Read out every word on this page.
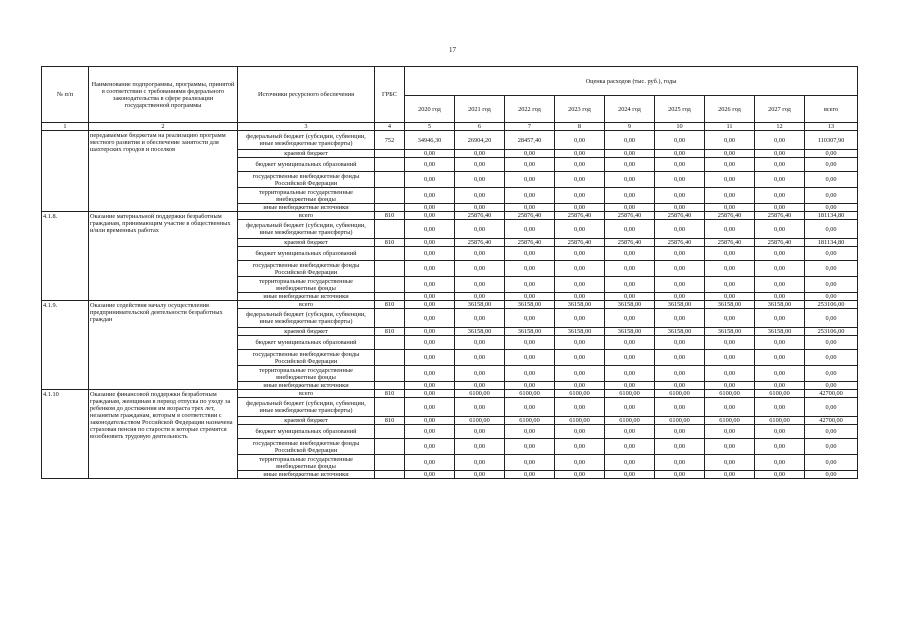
17
№ п/п	Наименование подпрограммы, программы, принятой в соответствии с требованиями федерального законодательства в сфере реализации государственной программы	Источники ресурсного обеспечения	ГРБС	Оценка расходов (тыс. руб.), годы								
				2020 год	2021 год	2022 год	2023 год	2024 год	2025 год	2026 год	2027 год	всего
1	2	3	4	5	6	7	8	9	10	11	12	13
	передаваемые бюджетам на реализацию программ местного развития и обеспечение занятости для шахтерских городов и поселков	федеральный бюджет (субсидии, субвенции, иные межбюджетные трансферты)	752	34946,30	26904,20	28457,40	0,00	0,00	0,00	0,00	0,00	110307,90
		краевой бюджет		0,00	0,00	0,00	0,00	0,00	0,00	0,00	0,00	0,00
		бюджет муниципальных образований		0,00	0,00	0,00	0,00	0,00	0,00	0,00	0,00	0,00
		государственные внебюджетные фонды Российской Федерации		0,00	0,00	0,00	0,00	0,00	0,00	0,00	0,00	0,00
		территориальные государственные внебюджетные фонды		0,00	0,00	0,00	0,00	0,00	0,00	0,00	0,00	0,00
		иные внебюджетные источники		0,00	0,00	0,00	0,00	0,00	0,00	0,00	0,00	0,00
4.1.8.	Оказание материальной поддержки безработным гражданам, принимающим участие в общественных и/или временных работах	всего	810	0,00	25876,40	25876,40	25876,40	25876,40	25876,40	25876,40	25876,40	181134,80
		федеральный бюджет (субсидии, субвенции, иные межбюджетные трансферты)		0,00	0,00	0,00	0,00	0,00	0,00	0,00	0,00	0,00
		краевой бюджет	810	0,00	25876,40	25876,40	25876,40	25876,40	25876,40	25876,40	25876,40	181134,80
		бюджет муниципальных образований		0,00	0,00	0,00	0,00	0,00	0,00	0,00	0,00	0,00
		государственные внебюджетные фонды Российской Федерации		0,00	0,00	0,00	0,00	0,00	0,00	0,00	0,00	0,00
		территориальные государственные внебюджетные фонды		0,00	0,00	0,00	0,00	0,00	0,00	0,00	0,00	0,00
		иные внебюджетные источники		0,00	0,00	0,00	0,00	0,00	0,00	0,00	0,00	0,00
4.1.9.	Оказание содействия началу осуществления предпринимательской деятельности безработных граждан	всего	810	0,00	36158,00	36158,00	36158,00	36158,00	36158,00	36158,00	36158,00	253106,00
		федеральный бюджет (субсидии, субвенции, иные межбюджетные трансферты)		0,00	0,00	0,00	0,00	0,00	0,00	0,00	0,00	0,00
		краевой бюджет	810	0,00	36158,00	36158,00	36158,00	36158,00	36158,00	36158,00	36158,00	253106,00
		бюджет муниципальных образований		0,00	0,00	0,00	0,00	0,00	0,00	0,00	0,00	0,00
		государственные внебюджетные фонды Российской Федерации		0,00	0,00	0,00	0,00	0,00	0,00	0,00	0,00	0,00
		территориальные государственные внебюджетные фонды		0,00	0,00	0,00	0,00	0,00	0,00	0,00	0,00	0,00
		иные внебюджетные источники		0,00	0,00	0,00	0,00	0,00	0,00	0,00	0,00	0,00
4.1.10	Оказание финансовой поддержки безработным гражданам, женщинам в период отпуска по уходу за ребенком до достижения им возраста трех лет, незанятым гражданам, которым в соответствии с законодательством Российской Федерации назначена страховая пенсия по старости и которые стремятся возобновить трудовую деятельность	всего	810	0,00	6100,00	6100,00	6100,00	6100,00	6100,00	6100,00	6100,00	42700,00
		федеральный бюджет (субсидии, субвенции, иные межбюджетные трансферты)		0,00	0,00	0,00	0,00	0,00	0,00	0,00	0,00	0,00
		краевой бюджет	810	0,00	6100,00	6100,00	6100,00	6100,00	6100,00	6100,00	6100,00	42700,00
		бюджет муниципальных образований		0,00	0,00	0,00	0,00	0,00	0,00	0,00	0,00	0,00
		государственные внебюджетные фонды Российской Федерации		0,00	0,00	0,00	0,00	0,00	0,00	0,00	0,00	0,00
		территориальные государственные внебюджетные фонды		0,00	0,00	0,00	0,00	0,00	0,00	0,00	0,00	0,00
		иные внебюджетные источники		0,00	0,00	0,00	0,00	0,00	0,00	0,00	0,00	0,00
